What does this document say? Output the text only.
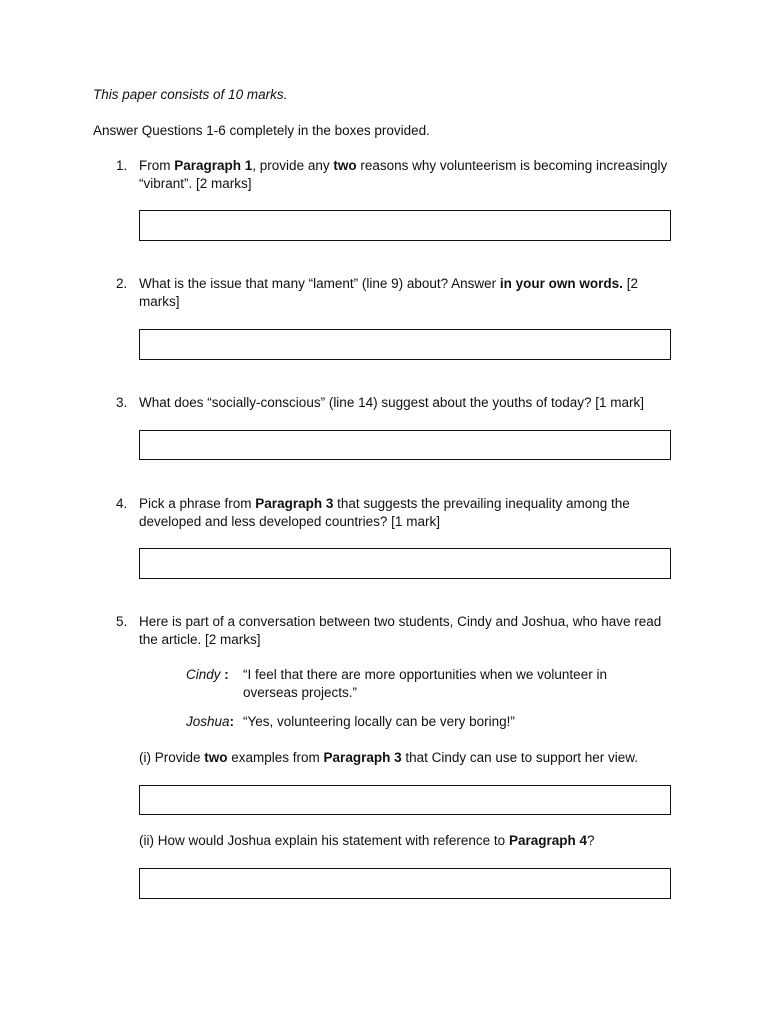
This paper consists of 10 marks.
Answer Questions 1-6 completely in the boxes provided.
1. From Paragraph 1, provide any two reasons why volunteerism is becoming increasingly “vibrant”. [2 marks]
2. What is the issue that many “lament” (line 9) about? Answer in your own words. [2 marks]
3. What does “socially-conscious” (line 14) suggest about the youths of today? [1 mark]
4. Pick a phrase from Paragraph 3 that suggests the prevailing inequality among the developed and less developed countries? [1 mark]
5. Here is part of a conversation between two students, Cindy and Joshua, who have read the article. [2 marks]
Cindy :	“I feel that there are more opportunities when we volunteer in overseas projects.”
Joshua: “Yes, volunteering locally can be very boring!”
(i) Provide two examples from Paragraph 3 that Cindy can use to support her view.
(ii) How would Joshua explain his statement with reference to Paragraph 4?
